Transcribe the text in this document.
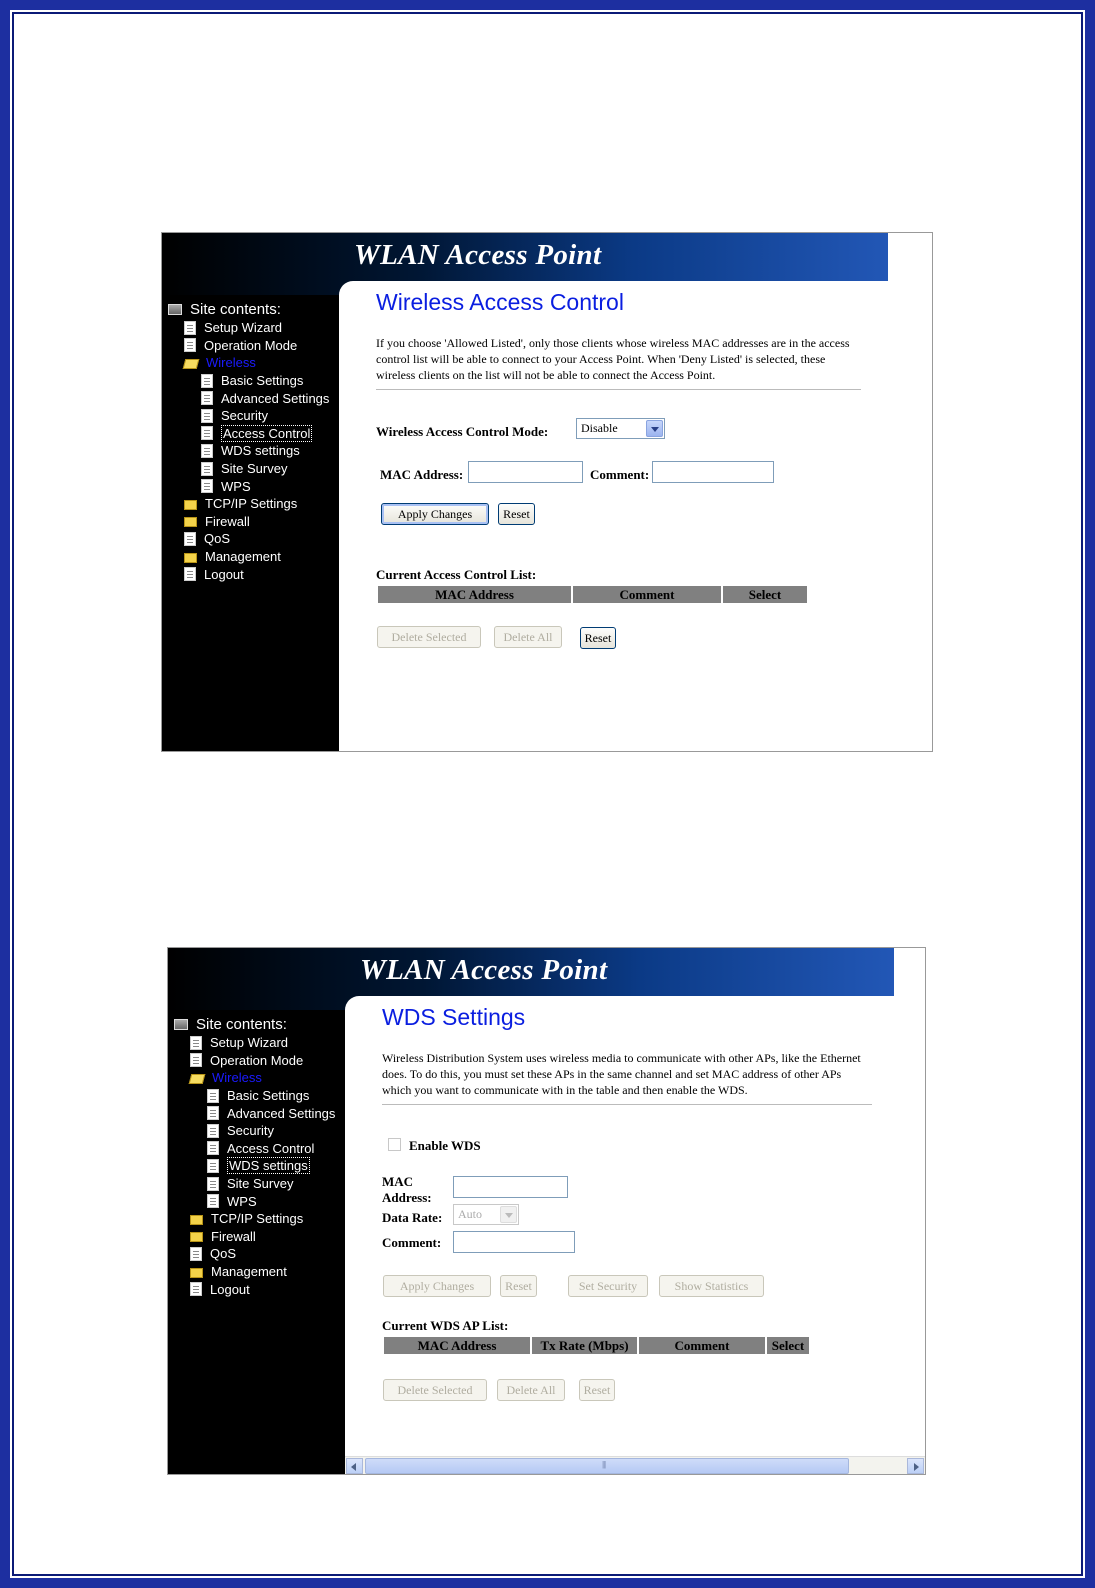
WLAN Access Point
Site contents:
Setup Wizard
Operation Mode
Wireless
Basic Settings
Advanced Settings
Security
Access Control
WDS settings
Site Survey
WPS
TCP/IP Settings
Firewall
QoS
Management
Logout
Wireless Access Control

If you choose 'Allowed Listed', only those clients whose wireless MAC addresses are in the access control list will be able to connect to your Access Point. When 'Deny Listed' is selected, these wireless clients on the list will not be able to connect the Access Point.

Wireless Access Control Mode:	Disable
MAC Address:	Comment:
Apply Changes	Reset
Current Access Control List:
MAC Address	Comment	Select
Delete Selected	Delete All	Reset
WLAN Access Point
Site contents:
Setup Wizard
Operation Mode
Wireless
Basic Settings
Advanced Settings
Security
Access Control
WDS settings
Site Survey
WPS
TCP/IP Settings
Firewall
QoS
Management
Logout
WDS Settings

Wireless Distribution System uses wireless media to communicate with other APs, like the Ethernet does. To do this, you must set these APs in the same channel and set MAC address of other APs which you want to communicate with in the table and then enable the WDS.

Enable WDS
MAC
Address:
Data Rate:	Auto
Comment:
Apply Changes	Reset	Set Security	Show Statistics
Current WDS AP List:
MAC Address	Tx Rate (Mbps)	Comment	Select
Delete Selected	Delete All	Reset
|||
